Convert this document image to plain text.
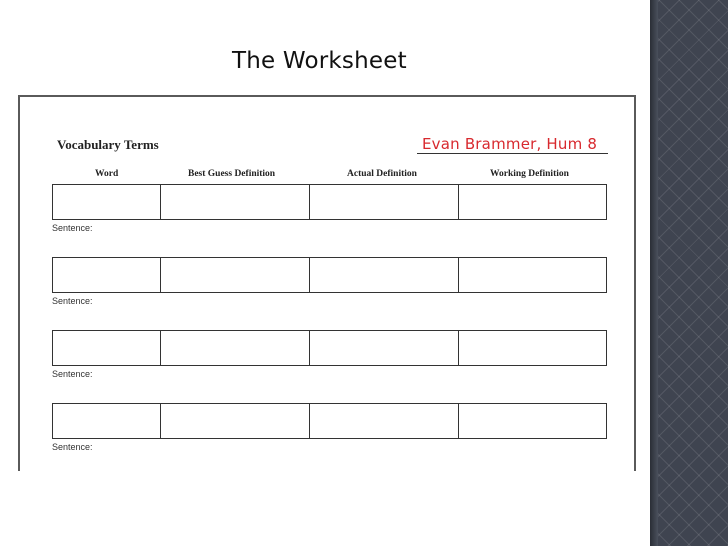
The Worksheet
Vocabulary Terms	Evan Brammer, Hum 8
Word	Best Guess Definition	Actual Definition	Working Definition
Sentence:
Sentence:
Sentence:
Sentence:
